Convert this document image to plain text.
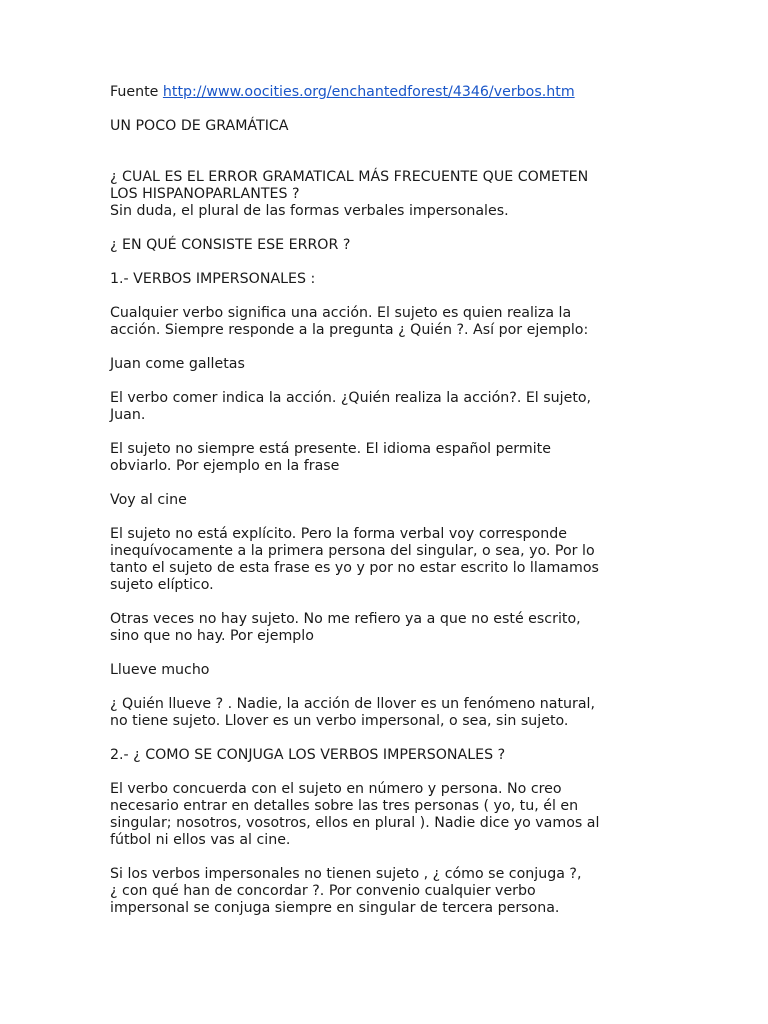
Fuente http://www.oocities.org/enchantedforest/4346/verbos.htm

UN POCO DE GRAMÁTICA

¿ CUAL ES EL ERROR GRAMATICAL MÁS FRECUENTE QUE COMETEN
LOS HISPANOPARLANTES ?
Sin duda, el plural de las formas verbales impersonales.

¿ EN QUÉ CONSISTE ESE ERROR ?

1.- VERBOS IMPERSONALES :

Cualquier verbo significa una acción. El sujeto es quien realiza la
acción. Siempre responde a la pregunta ¿ Quién ?. Así por ejemplo:

Juan come galletas

El verbo comer indica la acción. ¿Quién realiza la acción?. El sujeto,
Juan.

El sujeto no siempre está presente. El idioma español permite
obviarlo. Por ejemplo en la frase

Voy al cine

El sujeto no está explícito. Pero la forma verbal voy corresponde
inequívocamente a la primera persona del singular, o sea, yo. Por lo
tanto el sujeto de esta frase es yo y por no estar escrito lo llamamos
sujeto elíptico.

Otras veces no hay sujeto. No me refiero ya a que no esté escrito,
sino que no hay. Por ejemplo

Llueve mucho

¿ Quién llueve ? . Nadie, la acción de llover es un fenómeno natural,
no tiene sujeto. Llover es un verbo impersonal, o sea, sin sujeto.

2.- ¿ COMO SE CONJUGA LOS VERBOS IMPERSONALES ?

El verbo concuerda con el sujeto en número y persona. No creo
necesario entrar en detalles sobre las tres personas ( yo, tu, él en
singular; nosotros, vosotros, ellos en plural ). Nadie dice yo vamos al
fútbol ni ellos vas al cine.

Si los verbos impersonales no tienen sujeto , ¿ cómo se conjuga ?,
¿ con qué han de concordar ?. Por convenio cualquier verbo
impersonal se conjuga siempre en singular de tercera persona.
